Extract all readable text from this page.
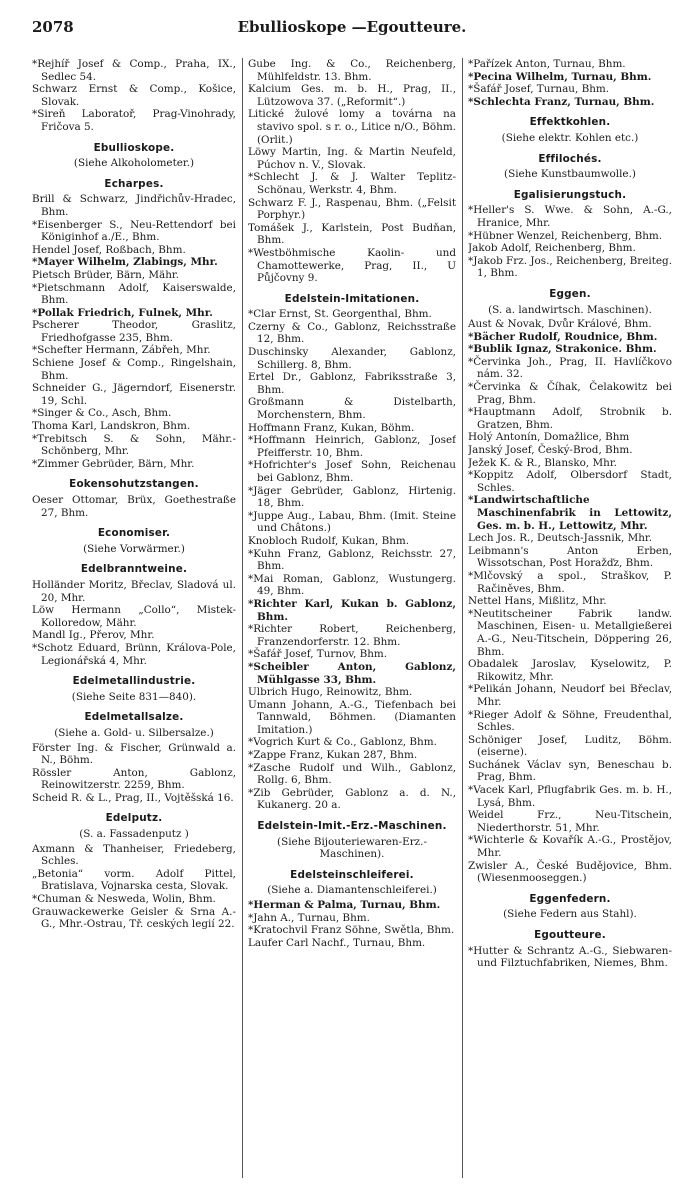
2078	Ebullioskope —Egoutteure.

*Rejhíř Josef & Comp., Praha, IX., Sedlec 54.

Schwarz Ernst & Comp., Košice, Slovak.

*Sireň Laboratoř, Prag-Vinohrady, Fričova 5.

Ebullioskope.

(Siehe Alkoholometer.)

Echarpes.

Brill & Schwarz, Jindřichův-Hradec, Bhm.

*Eisenberger S., Neu-Rettendorf bei Königinhof a./E., Bhm.

Hendel Josef, Roßbach, Bhm.

*Mayer Wilhelm, Zlabings, Mhr.

Pietsch Brüder, Bärn, Mähr.

*Pietschmann Adolf, Kaiserswalde, Bhm.

*Pollak Friedrich, Fulnek, Mhr.

Pscherer Theodor, Graslitz, Friedhofgasse 235, Bhm.

*Schefter Hermann, Zábřeh, Mhr.

Schiene Josef & Comp., Ringelshain, Bhm.

Schneider G., Jägerndorf, Eisenerstr. 19, Schl.

*Singer & Co., Asch, Bhm.

Thoma Karl, Landskron, Bhm.

*Trebitsch S. & Sohn, Mähr.-Schönberg, Mhr.

*Zimmer Gebrüder, Bärn, Mhr.

Eokensohutzstangen.

Oeser Ottomar, Brüx, Goethestraße 27, Bhm.

Economiser.

(Siehe Vorwärmer.)

Edelbranntweine.

Holländer Moritz, Břeclav, Sladová ul. 20, Mhr.

Löw Hermann „Collo“, Mistek-Kolloredow, Mähr.

Mandl Ig., Přerov, Mhr.

*Schotz Eduard, Brünn, Králova-Pole, Legionářská 4, Mhr.

Edelmetallindustrie.

(Siehe Seite 831—840).

Edelmetallsalze.

(Siehe a. Gold- u. Silbersalze.)

Förster Ing. & Fischer, Grünwald a. N., Böhm.

Rössler Anton, Gablonz, Reinowitzerstr. 2259, Bhm.

Scheid R. & L., Prag, II., Vojtěšská 16.

Edelputz.

(S. a. Fassadenputz )

Axmann & Thanheiser, Friedeberg, Schles.

„Betonia“ vorm. Adolf Pittel, Bratislava, Vojnarska cesta, Slovak.

*Chuman & Nesweda, Wolin, Bhm.

Grauwackewerke Geisler & Srna A.-G., Mhr.-Ostrau, Tř. ceských legií 22.

Gube Ing. & Co., Reichenberg, Mühlfeldstr. 13. Bhm.

Kalcium Ges. m. b. H., Prag, II., Lützowova 37. („Reformit“.)

Litické žulové lomy a továrna na stavivo spol. s r. o., Litice n/O., Böhm. (Orlit.)

Löwy Martin, Ing. & Martin Neufeld, Púchov n. V., Slovak.

*Schlecht J. & J. Walter Teplitz-Schönau, Werkstr. 4, Bhm.

Schwarz F. J., Raspenau, Bhm. („Felsit Porphyr.)

Tomášek J., Karlstein, Post Budňan, Bhm.

*Westböhmische Kaolin- und Chamottewerke, Prag, II., U Půjčovny 9.

Edelstein-Imitationen.

*Clar Ernst, St. Georgenthal, Bhm.

Czerny & Co., Gablonz, Reichsstraße 12, Bhm.

Duschinsky Alexander, Gablonz, Schillerg. 8, Bhm.

Ertel Dr., Gablonz, Fabriksstraße 3, Bhm.

Großmann & Distelbarth, Morchenstern, Bhm.

Hoffmann Franz, Kukan, Böhm.

*Hoffmann Heinrich, Gablonz, Josef Pfeifferstr. 10, Bhm.

*Hofrichter's Josef Sohn, Reichenau bei Gablonz, Bhm.

*Jäger Gebrüder, Gablonz, Hirtenig. 18, Bhm.

*Juppe Aug., Labau, Bhm. (Imit. Steine und Châtons.)

Knobloch Rudolf, Kukan, Bhm.

*Kuhn Franz, Gablonz, Reichsstr. 27, Bhm.

*Mai Roman, Gablonz, Wustungerg. 49, Bhm.

*Richter Karl, Kukan b. Gablonz, Bhm.

*Richter Robert, Reichenberg, Franzendorferstr. 12. Bhm.

*Šafář Josef, Turnov, Bhm.

*Scheibler Anton, Gablonz, Mühlgasse 33, Bhm.

Ulbrich Hugo, Reinowitz, Bhm.

Umann Johann, A.-G., Tiefenbach bei Tannwald, Böhmen. (Diamanten Imitation.)

*Vogrich Kurt & Co., Gablonz, Bhm.

*Zappe Franz, Kukan 287, Bhm.

*Zasche Rudolf und Wilh., Gablonz, Rollg. 6, Bhm.

*Zib Gebrüder, Gablonz a. d. N., Kukanerg. 20 a.

Edelstein-Imit.-Erz.-Maschinen.

(Siehe Bijouteriewaren-Erz.-Maschinen).

Edelsteinschleiferei.

(Siehe a. Diamantenschleiferei.)

*Herman & Palma, Turnau, Bhm.

*Jahn A., Turnau, Bhm.

*Kratochvil Franz Söhne, Swětla, Bhm.

Laufer Carl Nachf., Turnau, Bhm.

*Pařízek Anton, Turnau, Bhm.

*Pecina Wilhelm, Turnau, Bhm.

*Šafář Josef, Turnau, Bhm.

*Schlechta Franz, Turnau, Bhm.

Effektkohlen.

(Siehe elektr. Kohlen etc.)

Effilochés.

(Siehe Kunstbaumwolle.)

Egalisierungstuch.

*Heller's S. Wwe. & Sohn, A.-G., Hranice, Mhr.

*Hübner Wenzel, Reichenberg, Bhm.

Jakob Adolf, Reichenberg, Bhm.

*Jakob Frz. Jos., Reichenberg, Breiteg. 1, Bhm.

Eggen.

(S. a. landwirtsch. Maschinen).

Aust & Novak, Dvůr Králové, Bhm.

*Bächer Rudolf, Roudnice, Bhm.

*Bublik Ignaz, Strakonice. Bhm.

*Červinka Joh., Prag, II. Havlíčkovo nám. 32.

*Červinka & Číhak, Čelakowitz bei Prag, Bhm.

*Hauptmann Adolf, Strobnik b. Gratzen, Bhm.

Holý Antonín, Domažlice, Bhm

Janský Josef, Český-Brod, Bhm.

Ježek K. & R., Blansko, Mhr.

*Koppitz Adolf, Olbersdorf Stadt, Schles.

*Landwirtschaftliche Maschinenfabrik in Lettowitz, Ges. m. b. H., Lettowitz, Mhr.

Lech Jos. R., Deutsch-Jassnik, Mhr.

Leibmann's Anton Erben, Wissotschan, Post Horažďz, Bhm.

*Mlčovský a spol., Straškov, P. Račiněves, Bhm.

Nettel Hans, Mißlitz, Mhr.

*Neutitscheiner Fabrik landw. Maschinen, Eisen- u. Metallgießerei A.-G., Neu-Titschein, Döppering 26, Bhm.

Obadalek Jaroslav, Kyselowitz, P. Rikowitz, Mhr.

*Pelikán Johann, Neudorf bei Břeclav, Mhr.

*Rieger Adolf & Söhne, Freudenthal, Schles.

Schöniger Josef, Luditz, Böhm. (eiserne).

Suchánek Václav syn, Beneschau b. Prag, Bhm.

*Vacek Karl, Pflugfabrik Ges. m. b. H., Lysá, Bhm.

Weidel Frz., Neu-Titschein, Niederthorstr. 51, Mhr.

*Wichterle & Kovařík A.-G., Prostějov, Mhr.

Zwisler A., České Budějovice, Bhm. (Wiesenmooseggen.)

Eggenfedern.

(Siehe Federn aus Stahl).

Egoutteure.

*Hutter & Schrantz A.-G., Siebwaren- und Filztuchfabriken, Niemes, Bhm.
